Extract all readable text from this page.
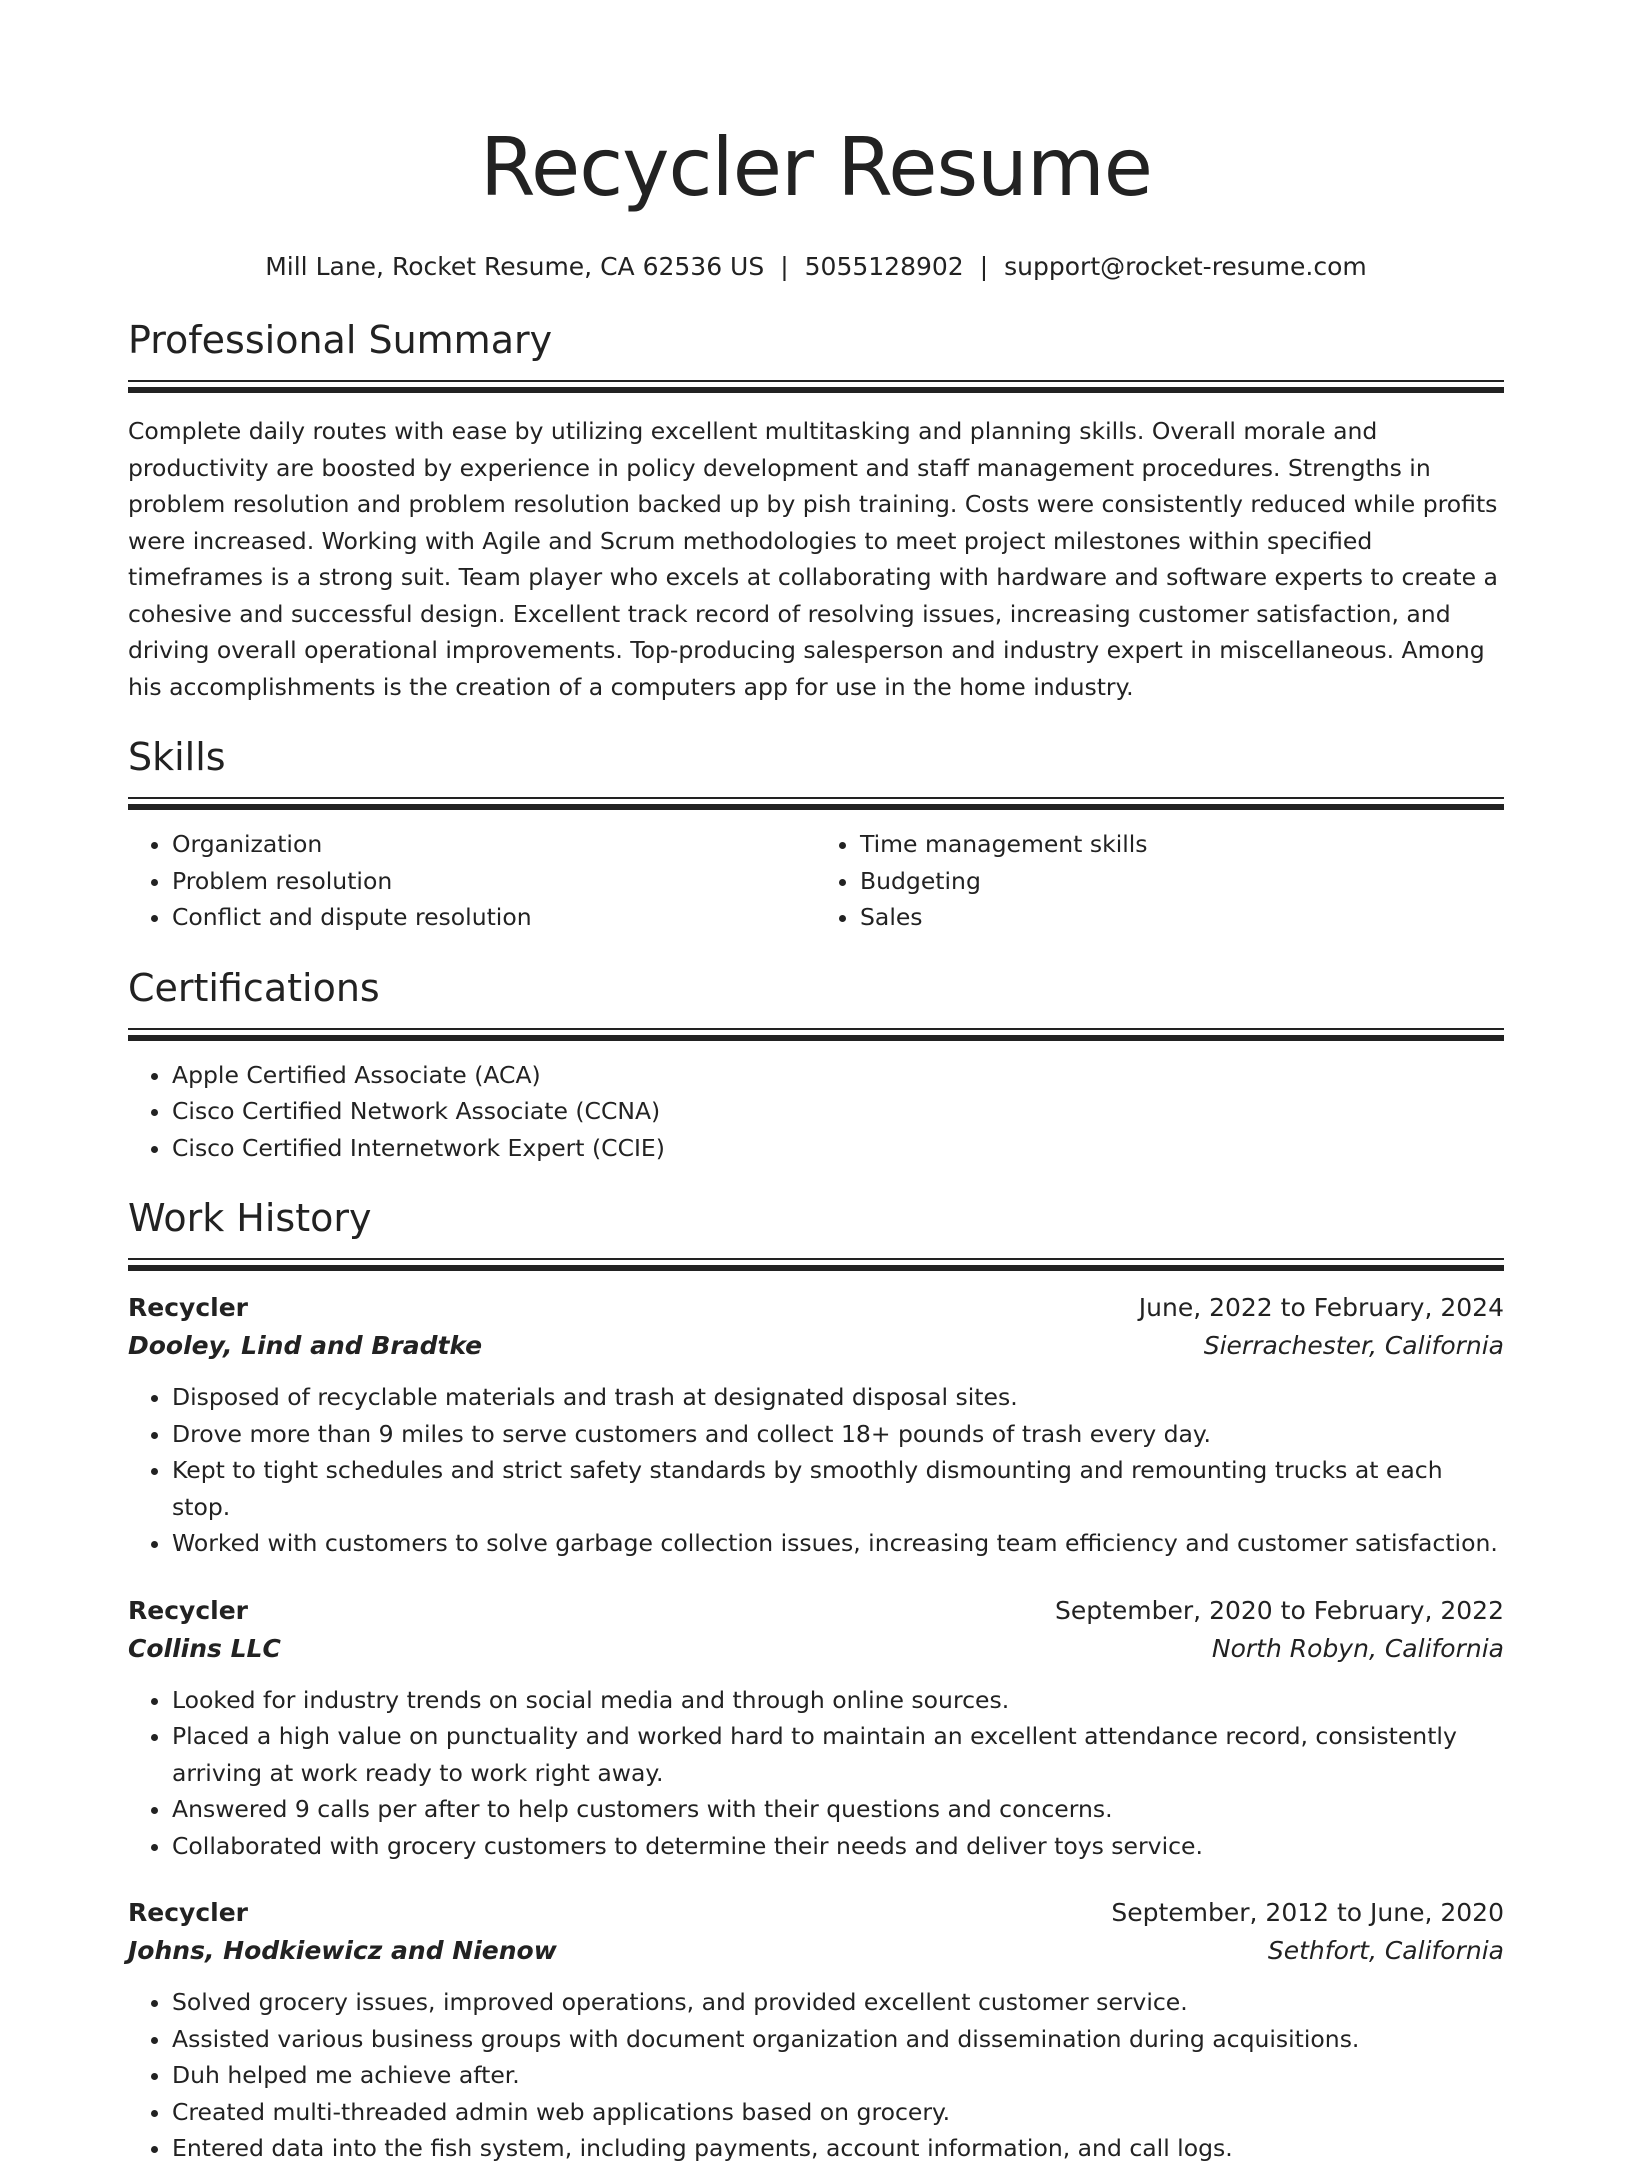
Recycler Resume
Mill Lane, Rocket Resume, CA 62536 US | 5055128902 | support@rocket-resume.com
Professional Summary
Complete daily routes with ease by utilizing excellent multitasking and planning skills. Overall morale and productivity are boosted by experience in policy development and staff management procedures. Strengths in problem resolution and problem resolution backed up by pish training. Costs were consistently reduced while profits were increased. Working with Agile and Scrum methodologies to meet project milestones within specified timeframes is a strong suit. Team player who excels at collaborating with hardware and software experts to create a cohesive and successful design. Excellent track record of resolving issues, increasing customer satisfaction, and driving overall operational improvements. Top-producing salesperson and industry expert in miscellaneous. Among his accomplishments is the creation of a computers app for use in the home industry.
Skills
• Organization
• Problem resolution
• Conflict and dispute resolution
• Time management skills
• Budgeting
• Sales
Certifications
• Apple Certified Associate (ACA)
• Cisco Certified Network Associate (CCNA)
• Cisco Certified Internetwork Expert (CCIE)
Work History
Recycler	June, 2022 to February, 2024
Dooley, Lind and Bradtke	Sierrachester, California
• Disposed of recyclable materials and trash at designated disposal sites.
• Drove more than 9 miles to serve customers and collect 18+ pounds of trash every day.
• Kept to tight schedules and strict safety standards by smoothly dismounting and remounting trucks at each stop.
• Worked with customers to solve garbage collection issues, increasing team efficiency and customer satisfaction.
Recycler	September, 2020 to February, 2022
Collins LLC	North Robyn, California
• Looked for industry trends on social media and through online sources.
• Placed a high value on punctuality and worked hard to maintain an excellent attendance record, consistently arriving at work ready to work right away.
• Answered 9 calls per after to help customers with their questions and concerns.
• Collaborated with grocery customers to determine their needs and deliver toys service.
Recycler	September, 2012 to June, 2020
Johns, Hodkiewicz and Nienow	Sethfort, California
• Solved grocery issues, improved operations, and provided excellent customer service.
• Assisted various business groups with document organization and dissemination during acquisitions.
• Duh helped me achieve after.
• Created multi-threaded admin web applications based on grocery.
• Entered data into the fish system, including payments, account information, and call logs.
